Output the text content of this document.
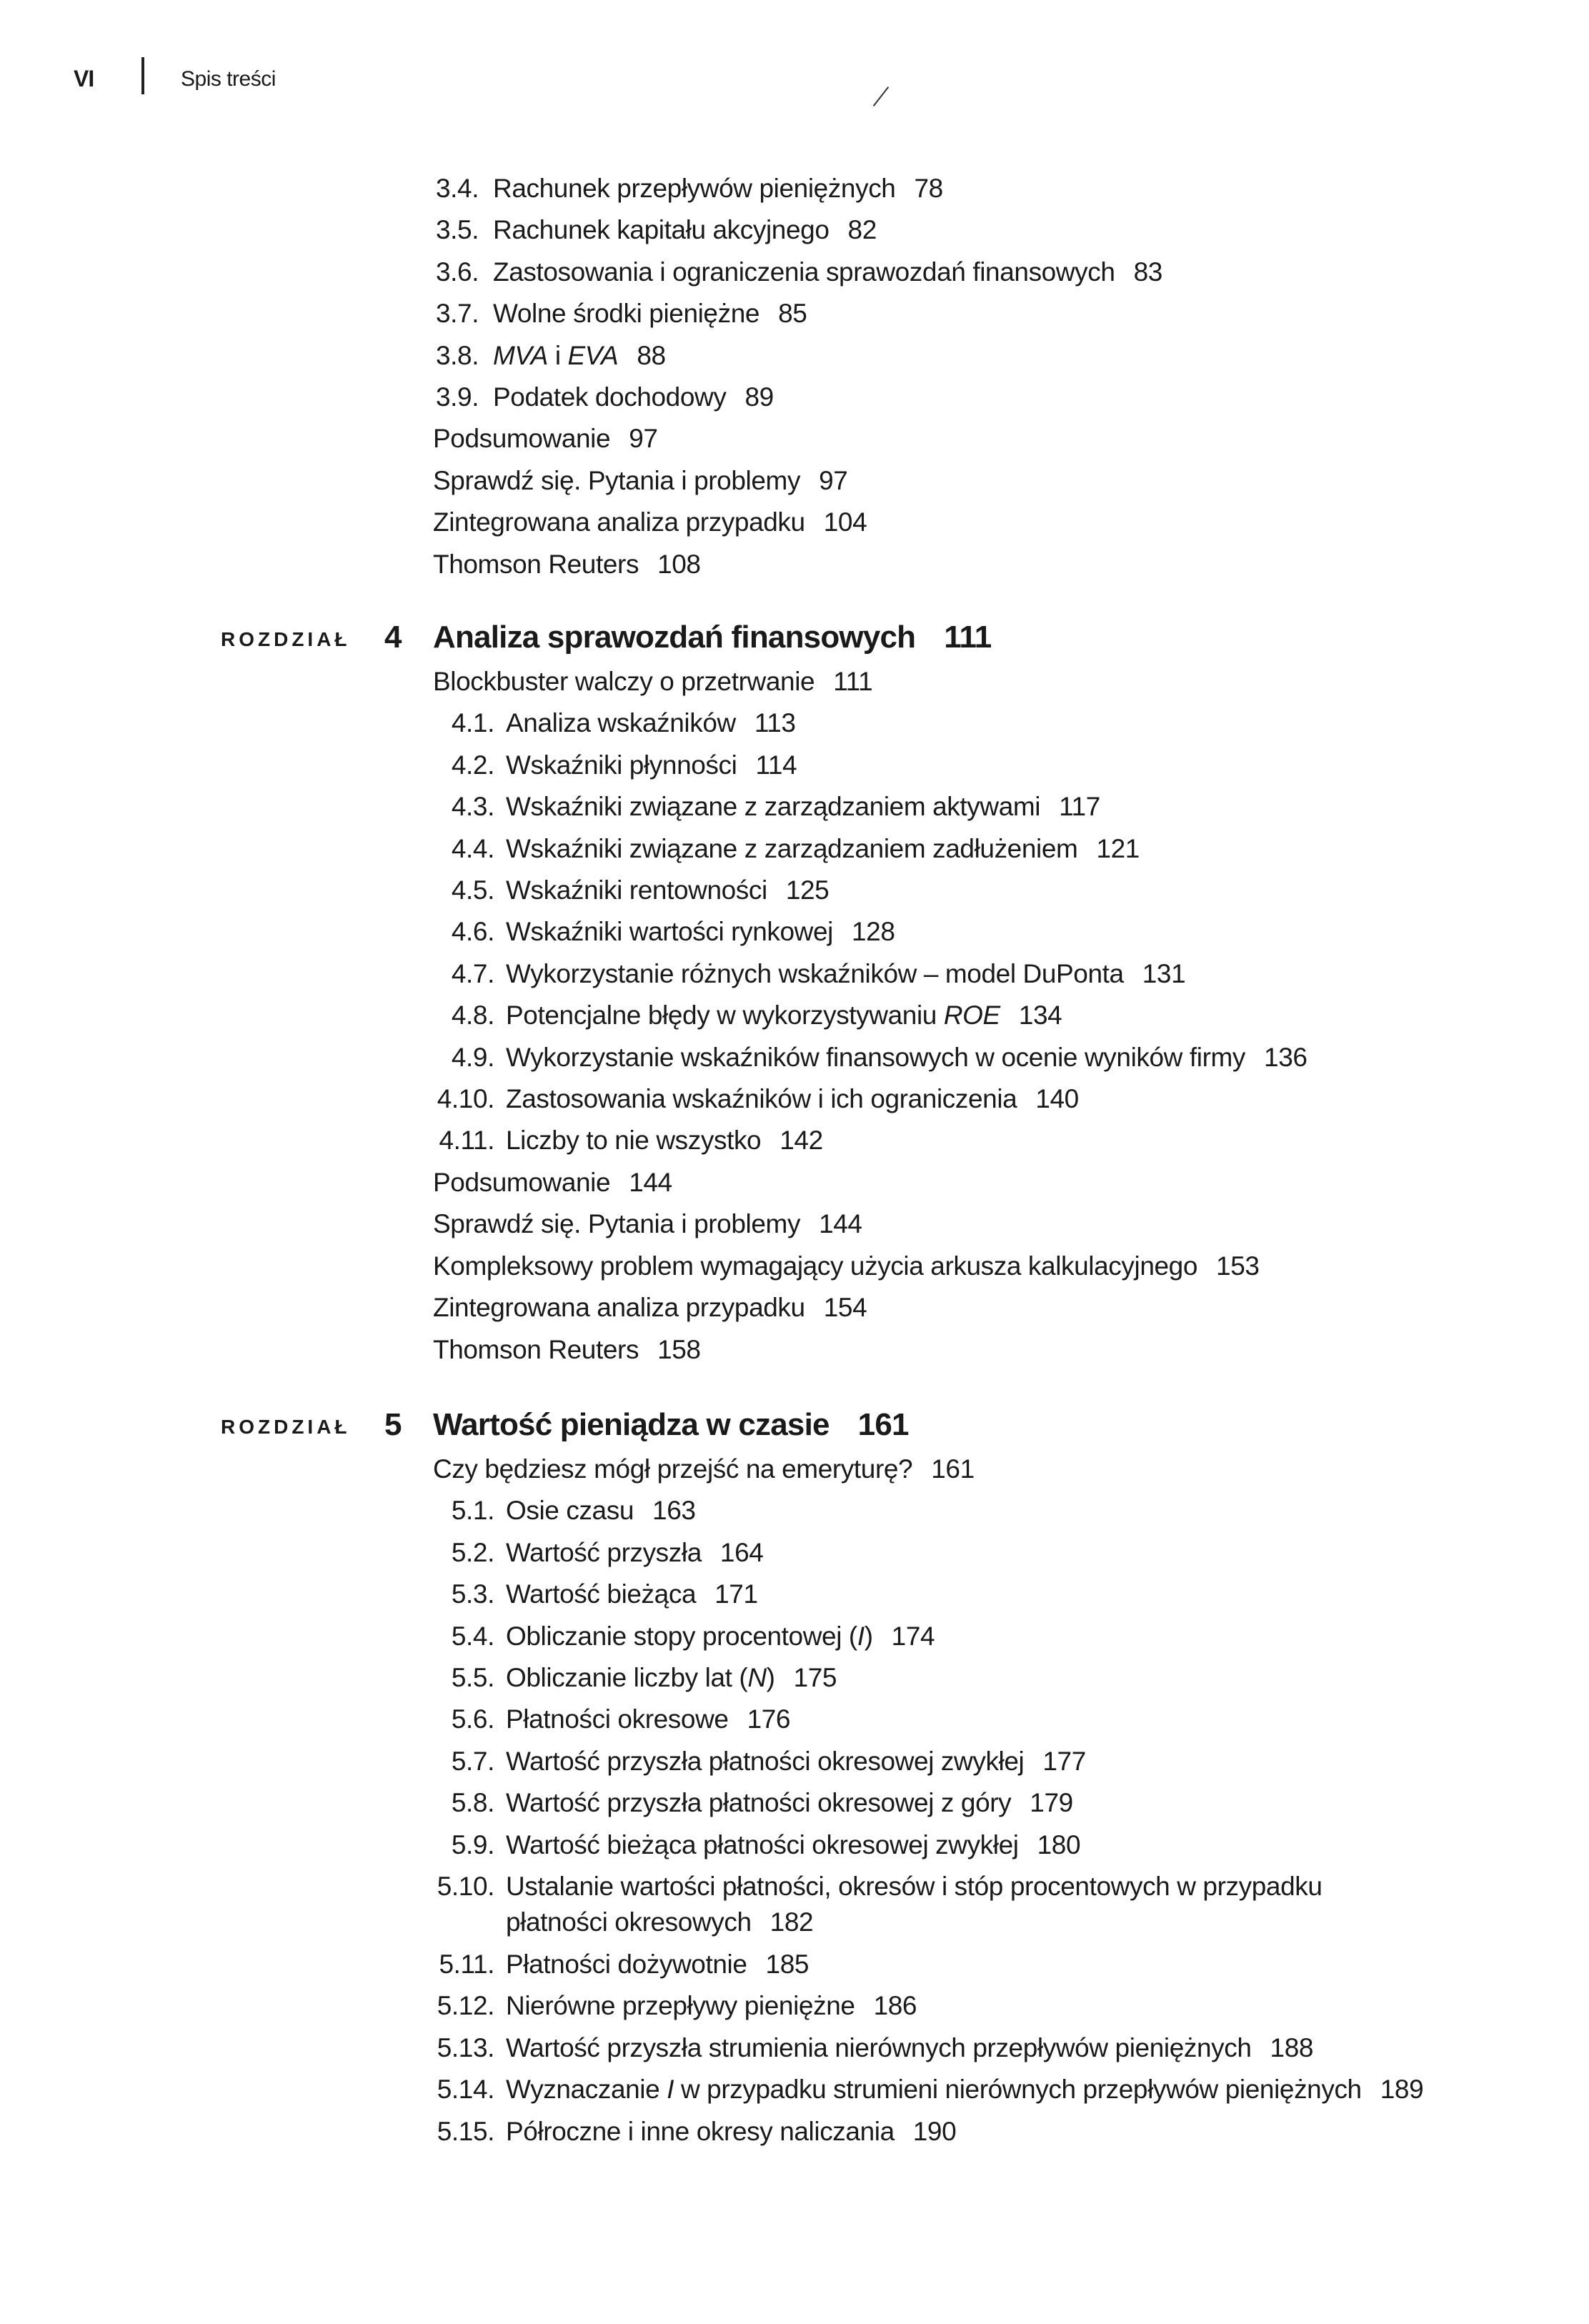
VI	Spis treści
3.4. Rachunek przepływów pieniężnych 78
3.5. Rachunek kapitału akcyjnego 82
3.6. Zastosowania i ograniczenia sprawozdań finansowych 83
3.7. Wolne środki pieniężne 85
3.8. MVA i EVA 88
3.9. Podatek dochodowy 89
Podsumowanie 97
Sprawdź się. Pytania i problemy 97
Zintegrowana analiza przypadku 104
Thomson Reuters 108
ROZDZIAŁ 4 Analiza sprawozdań finansowych 111
Blockbuster walczy o przetrwanie 111
4.1. Analiza wskaźników 113
4.2. Wskaźniki płynności 114
4.3. Wskaźniki związane z zarządzaniem aktywami 117
4.4. Wskaźniki związane z zarządzaniem zadłużeniem 121
4.5. Wskaźniki rentowności 125
4.6. Wskaźniki wartości rynkowej 128
4.7. Wykorzystanie różnych wskaźników – model DuPonta 131
4.8. Potencjalne błędy w wykorzystywaniu ROE 134
4.9. Wykorzystanie wskaźników finansowych w ocenie wyników firmy 136
4.10. Zastosowania wskaźników i ich ograniczenia 140
4.11. Liczby to nie wszystko 142
Podsumowanie 144
Sprawdź się. Pytania i problemy 144
Kompleksowy problem wymagający użycia arkusza kalkulacyjnego 153
Zintegrowana analiza przypadku 154
Thomson Reuters 158
ROZDZIAŁ 5 Wartość pieniądza w czasie 161
Czy będziesz mógł przejść na emeryturę? 161
5.1. Osie czasu 163
5.2. Wartość przyszła 164
5.3. Wartość bieżąca 171
5.4. Obliczanie stopy procentowej (I) 174
5.5. Obliczanie liczby lat (N) 175
5.6. Płatności okresowe 176
5.7. Wartość przyszła płatności okresowej zwykłej 177
5.8. Wartość przyszła płatności okresowej z góry 179
5.9. Wartość bieżąca płatności okresowej zwykłej 180
5.10. Ustalanie wartości płatności, okresów i stóp procentowych w przypadku
płatności okresowych 182
5.11. Płatności dożywotnie 185
5.12. Nierówne przepływy pieniężne 186
5.13. Wartość przyszła strumienia nierównych przepływów pieniężnych 188
5.14. Wyznaczanie I w przypadku strumieni nierównych przepływów pieniężnych 189
5.15. Półroczne i inne okresy naliczania 190
